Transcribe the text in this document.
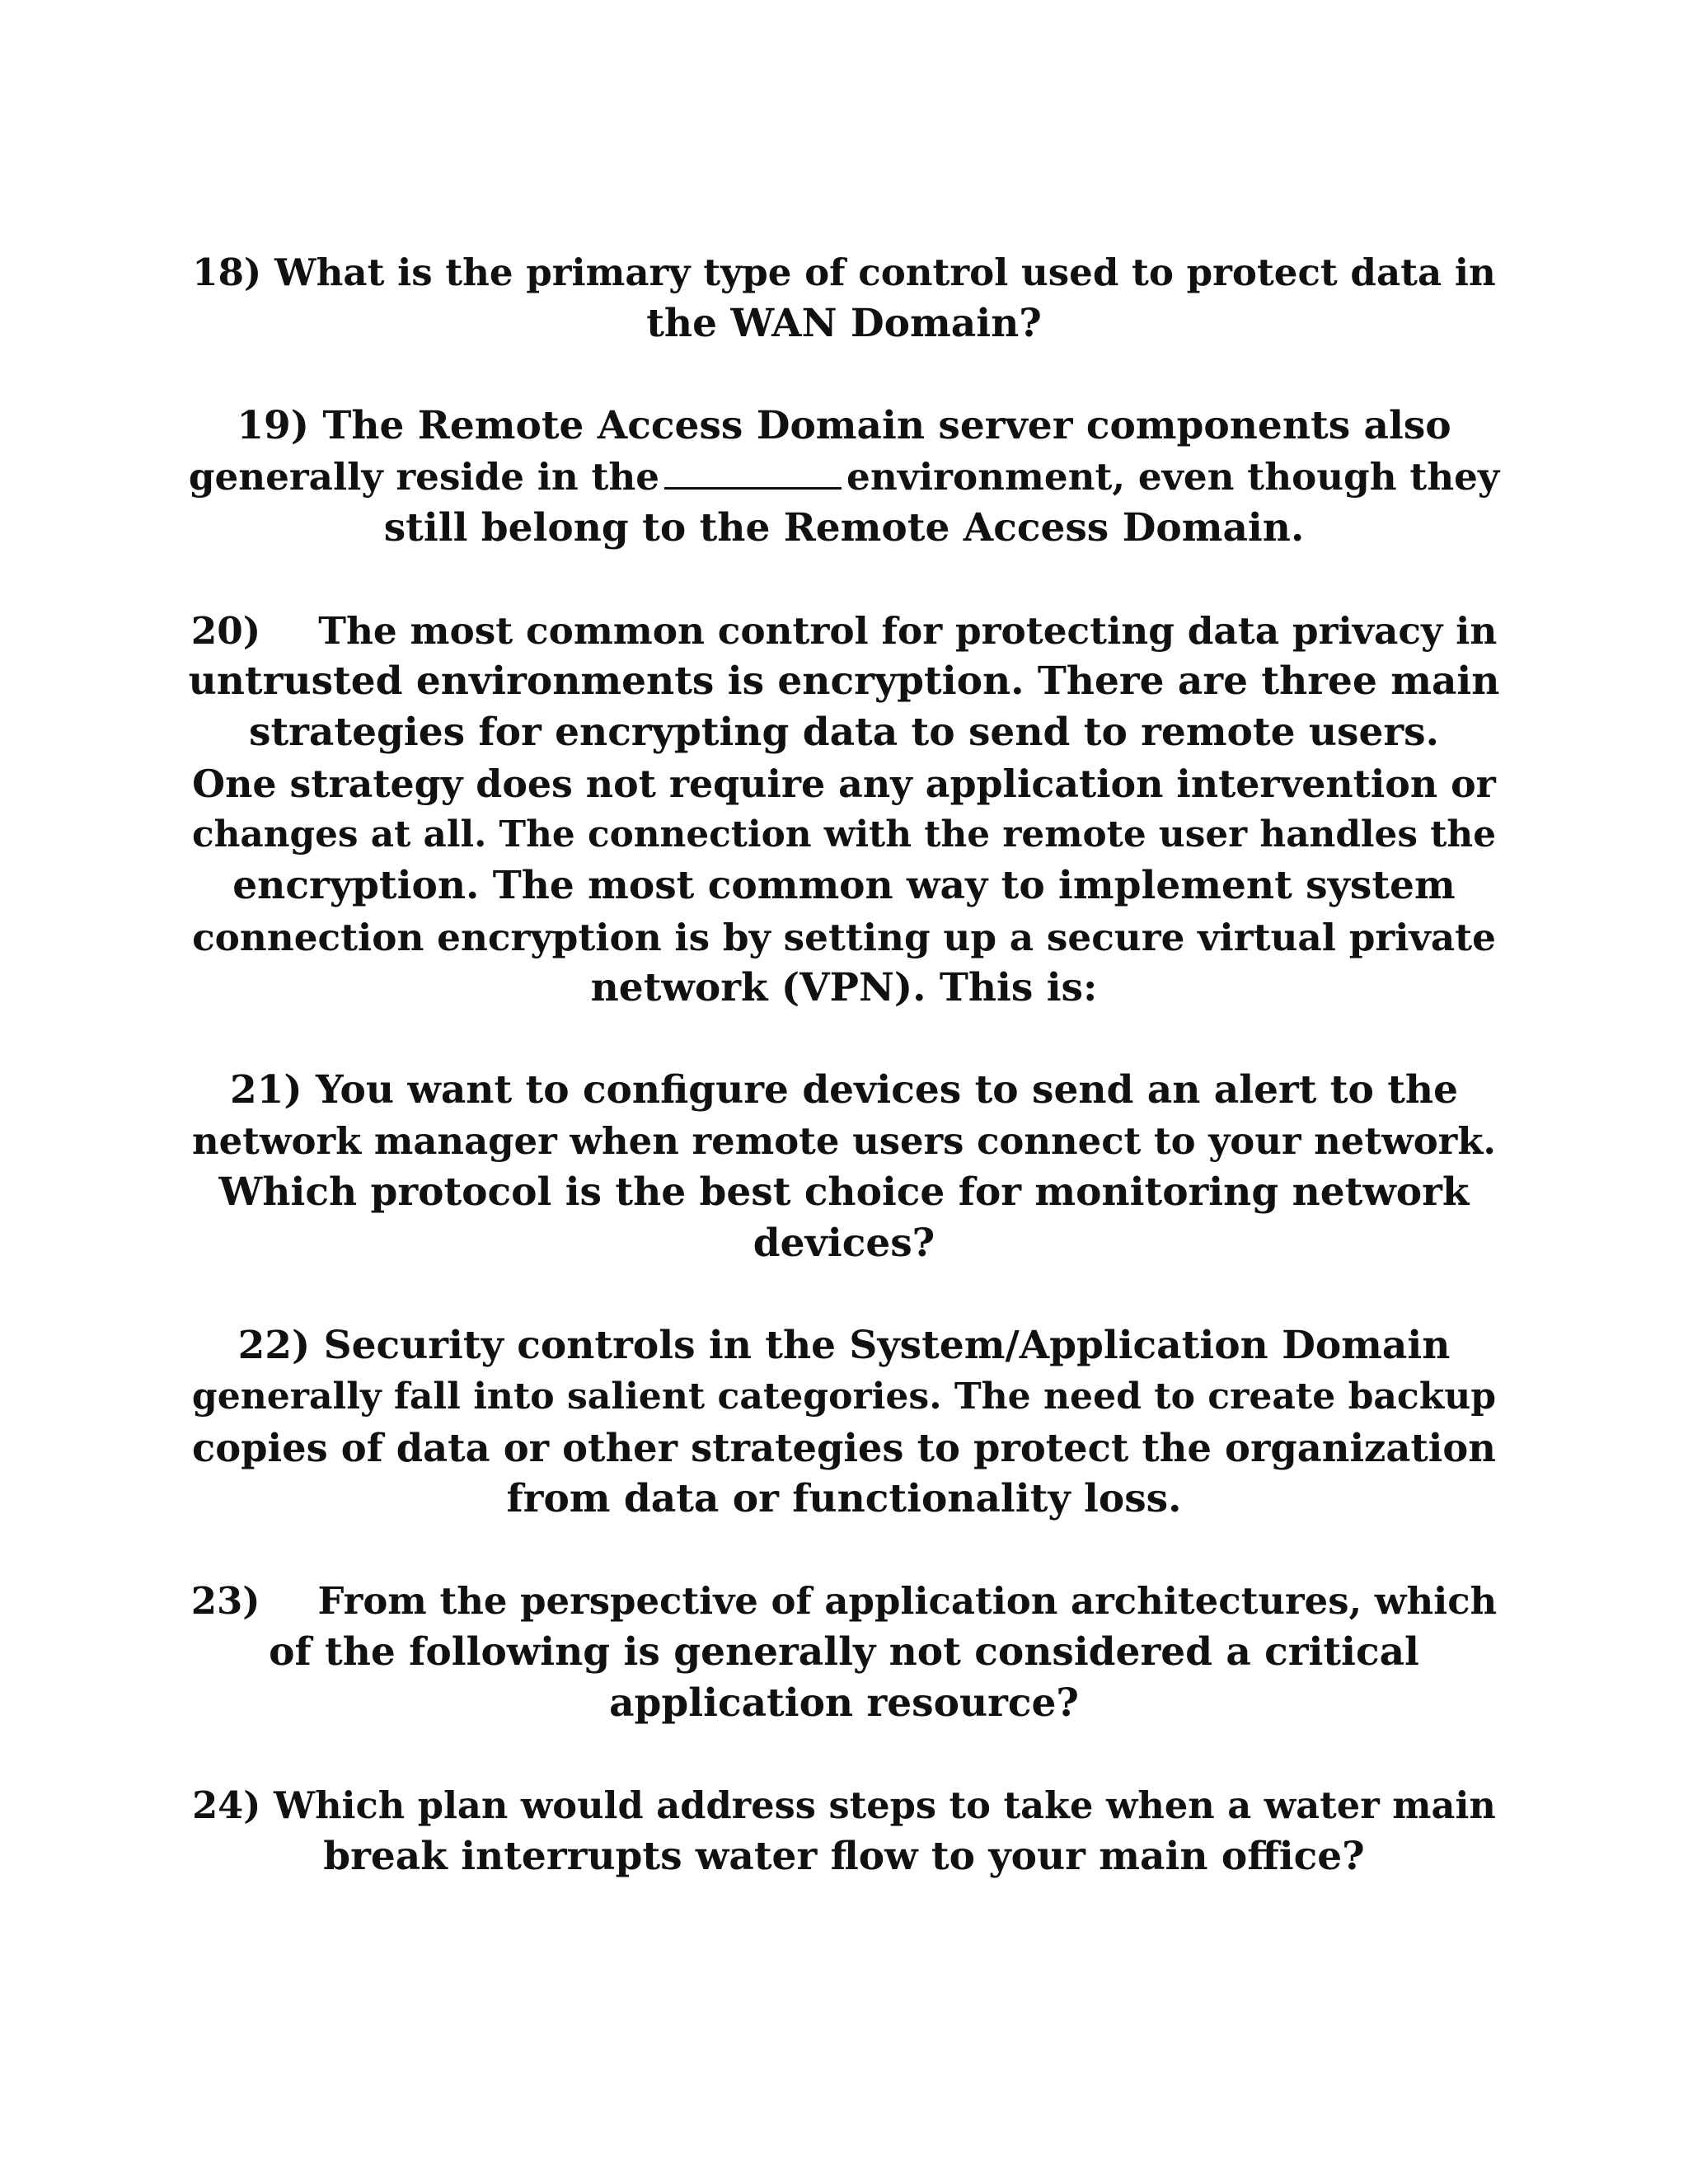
18) What is the primary type of control used to protect data in
the WAN Domain?
19) The Remote Access Domain server components also
generally reside in the	environment, even though they
still belong to the Remote Access Domain.
20) The most common control for protecting data privacy in
untrusted environments is encryption. There are three main
strategies for encrypting data to send to remote users.
One strategy does not require any application intervention or
changes at all. The connection with the remote user handles the
encryption. The most common way to implement system
connection encryption is by setting up a secure virtual private
network (VPN). This is:
21) You want to configure devices to send an alert to the
network manager when remote users connect to your network.
Which protocol is the best choice for monitoring network
devices?
22) Security controls in the System/Application Domain
generally fall into salient categories. The need to create backup
copies of data or other strategies to protect the organization
from data or functionality loss.
23) From the perspective of application architectures, which
of the following is generally not considered a critical
application resource?
24) Which plan would address steps to take when a water main
break interrupts water flow to your main office?
